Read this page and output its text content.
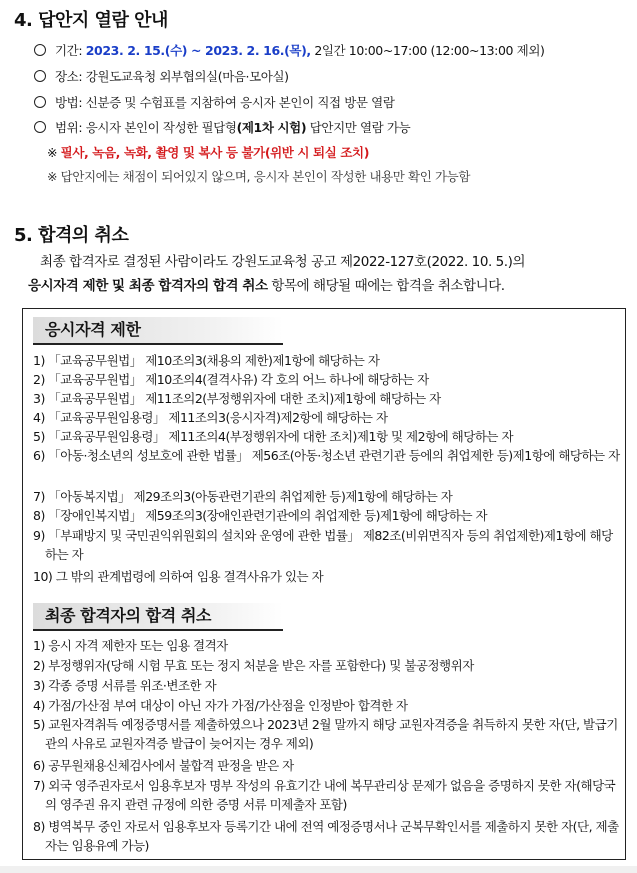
4. 답안지 열람 안내
기간: 2023. 2. 15.(수) ~ 2023. 2. 16.(목), 2일간 10:00~17:00 (12:00~13:00 제외)
장소: 강원도교육청 외부협의실(마음·모아실)
방법: 신분증 및 수험표를 지참하여 응시자 본인이 직접 방문 열람
범위: 응시자 본인이 작성한 필답형(제1차 시험) 답안지만 열람 가능
※ 필사, 녹음, 녹화, 촬영 및 복사 등 불가(위반 시 퇴실 조치)
※ 답안지에는 채점이 되어있지 않으며, 응시자 본인이 작성한 내용만 확인 가능함
5. 합격의 취소
최종 합격자로 결정된 사람이라도 강원도교육청 공고 제2022-127호(2022. 10. 5.)의
응시자격 제한 및 최종 합격자의 합격 취소 항목에 해당될 때에는 합격을 취소합니다.
응시자격 제한
1) 「교육공무원법」 제10조의3(채용의 제한)제1항에 해당하는 자
2) 「교육공무원법」 제10조의4(결격사유) 각 호의 어느 하나에 해당하는 자
3) 「교육공무원법」 제11조의2(부정행위자에 대한 조치)제1항에 해당하는 자
4) 「교육공무원임용령」 제11조의3(응시자격)제2항에 해당하는 자
5) 「교육공무원임용령」 제11조의4(부정행위자에 대한 조치)제1항 및 제2항에 해당하는 자
6) 「아동·청소년의 성보호에 관한 법률」 제56조(아동·청소년 관련기관 등에의 취업제한 등)제1항에 해당하는 자
7) 「아동복지법」 제29조의3(아동관련기관의 취업제한 등)제1항에 해당하는 자
8) 「장애인복지법」 제59조의3(장애인관련기관에의 취업제한 등)제1항에 해당하는 자
9) 「부패방지 및 국민권익위원회의 설치와 운영에 관한 법률」 제82조(비위면직자 등의 취업제한)제1항에 해당하는 자
10) 그 밖의 관계법령에 의하여 임용 결격사유가 있는 자
최종 합격자의 합격 취소
1) 응시 자격 제한자 또는 임용 결격자
2) 부정행위자(당해 시험 무효 또는 정지 처분을 받은 자를 포함한다) 및 불공정행위자
3) 각종 증명 서류를 위조·변조한 자
4) 가점/가산점 부여 대상이 아닌 자가 가점/가산점을 인정받아 합격한 자
5) 교원자격취득 예정증명서를 제출하였으나 2023년 2월 말까지 해당 교원자격증을 취득하지 못한 자(단, 발급기관의 사유로 교원자격증 발급이 늦어지는 경우 제외)
6) 공무원채용신체검사에서 불합격 판정을 받은 자
7) 외국 영주권자로서 임용후보자 명부 작성의 유효기간 내에 복무관리상 문제가 없음을 증명하지 못한 자(해당국의 영주권 유지 관련 규정에 의한 증명 서류 미제출자 포함)
8) 병역복무 중인 자로서 임용후보자 등록기간 내에 전역 예정증명서나 군복무확인서를 제출하지 못한 자(단, 제출자는 임용유예 가능)
